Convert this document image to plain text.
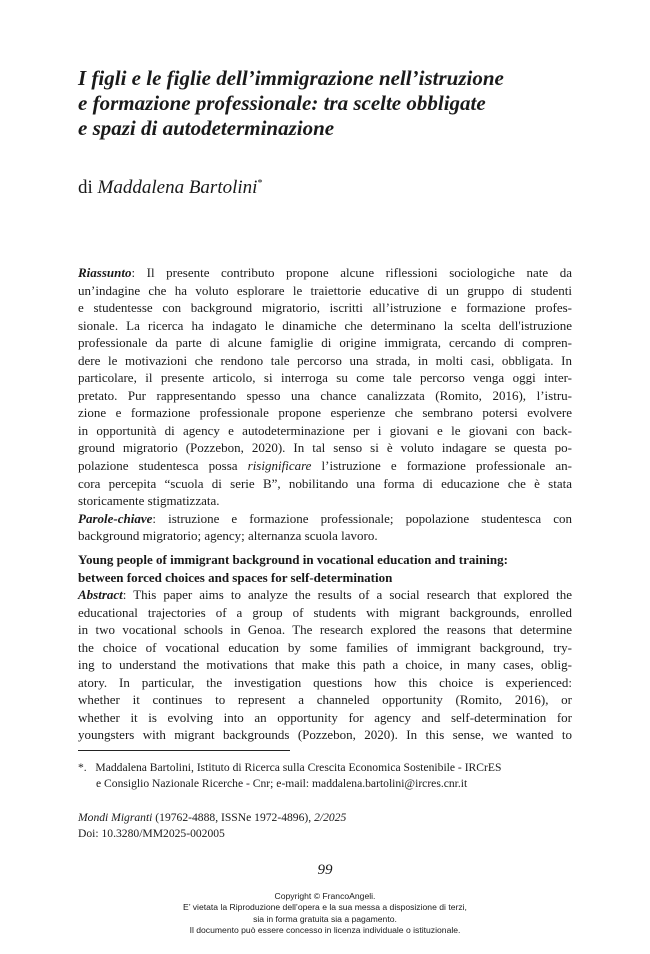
I figli e le figlie dell’immigrazione nell’istruzione
e formazione professionale: tra scelte obbligate
e spazi di autodeterminazione
di Maddalena Bartolini*
Riassunto: Il presente contributo propone alcune riflessioni sociologiche nate da
un’indagine che ha voluto esplorare le traiettorie educative di un gruppo di studenti
e studentesse con background migratorio, iscritti all’istruzione e formazione profes-
sionale. La ricerca ha indagato le dinamiche che determinano la scelta dell'istruzione
professionale da parte di alcune famiglie di origine immigrata, cercando di compren-
dere le motivazioni che rendono tale percorso una strada, in molti casi, obbligata. In
particolare, il presente articolo, si interroga su come tale percorso venga oggi inter-
pretato. Pur rappresentando spesso una chance canalizzata (Romito, 2016), l’istru-
zione e formazione professionale propone esperienze che sembrano potersi evolvere
in opportunità di agency e autodeterminazione per i giovani e le giovani con back-
ground migratorio (Pozzebon, 2020). In tal senso si è voluto indagare se questa po-
polazione studentesca possa risignificare l’istruzione e formazione professionale an-
cora percepita “scuola di serie B”, nobilitando una forma di educazione che è stata
storicamente stigmatizzata.
Parole-chiave: istruzione e formazione professionale; popolazione studentesca con
background migratorio; agency; alternanza scuola lavoro.
Young people of immigrant background in vocational education and training:
between forced choices and spaces for self-determination
Abstract: This paper aims to analyze the results of a social research that explored the
educational trajectories of a group of students with migrant backgrounds, enrolled
in two vocational schools in Genoa. The research explored the reasons that determine
the choice of vocational education by some families of immigrant background, try-
ing to understand the motivations that make this path a choice, in many cases, oblig-
atory. In particular, the investigation questions how this choice is experienced:
whether it continues to represent a channeled opportunity (Romito, 2016), or
whether it is evolving into an opportunity for agency and self-determination for
youngsters with migrant backgrounds (Pozzebon, 2020). In this sense, we wanted to
*. Maddalena Bartolini, Istituto di Ricerca sulla Crescita Economica Sostenibile - IRCrES
e Consiglio Nazionale Ricerche - Cnr; e-mail: maddalena.bartolini@ircres.cnr.it
Mondi Migranti (19762-4888, ISSNe 1972-4896), 2/2025
Doi: 10.3280/MM2025-002005
99
Copyright © FrancoAngeli.
E’ vietata la Riproduzione dell’opera e la sua messa a disposizione di terzi,
sia in forma gratuita sia a pagamento.
Il documento può essere concesso in licenza individuale o istituzionale.
